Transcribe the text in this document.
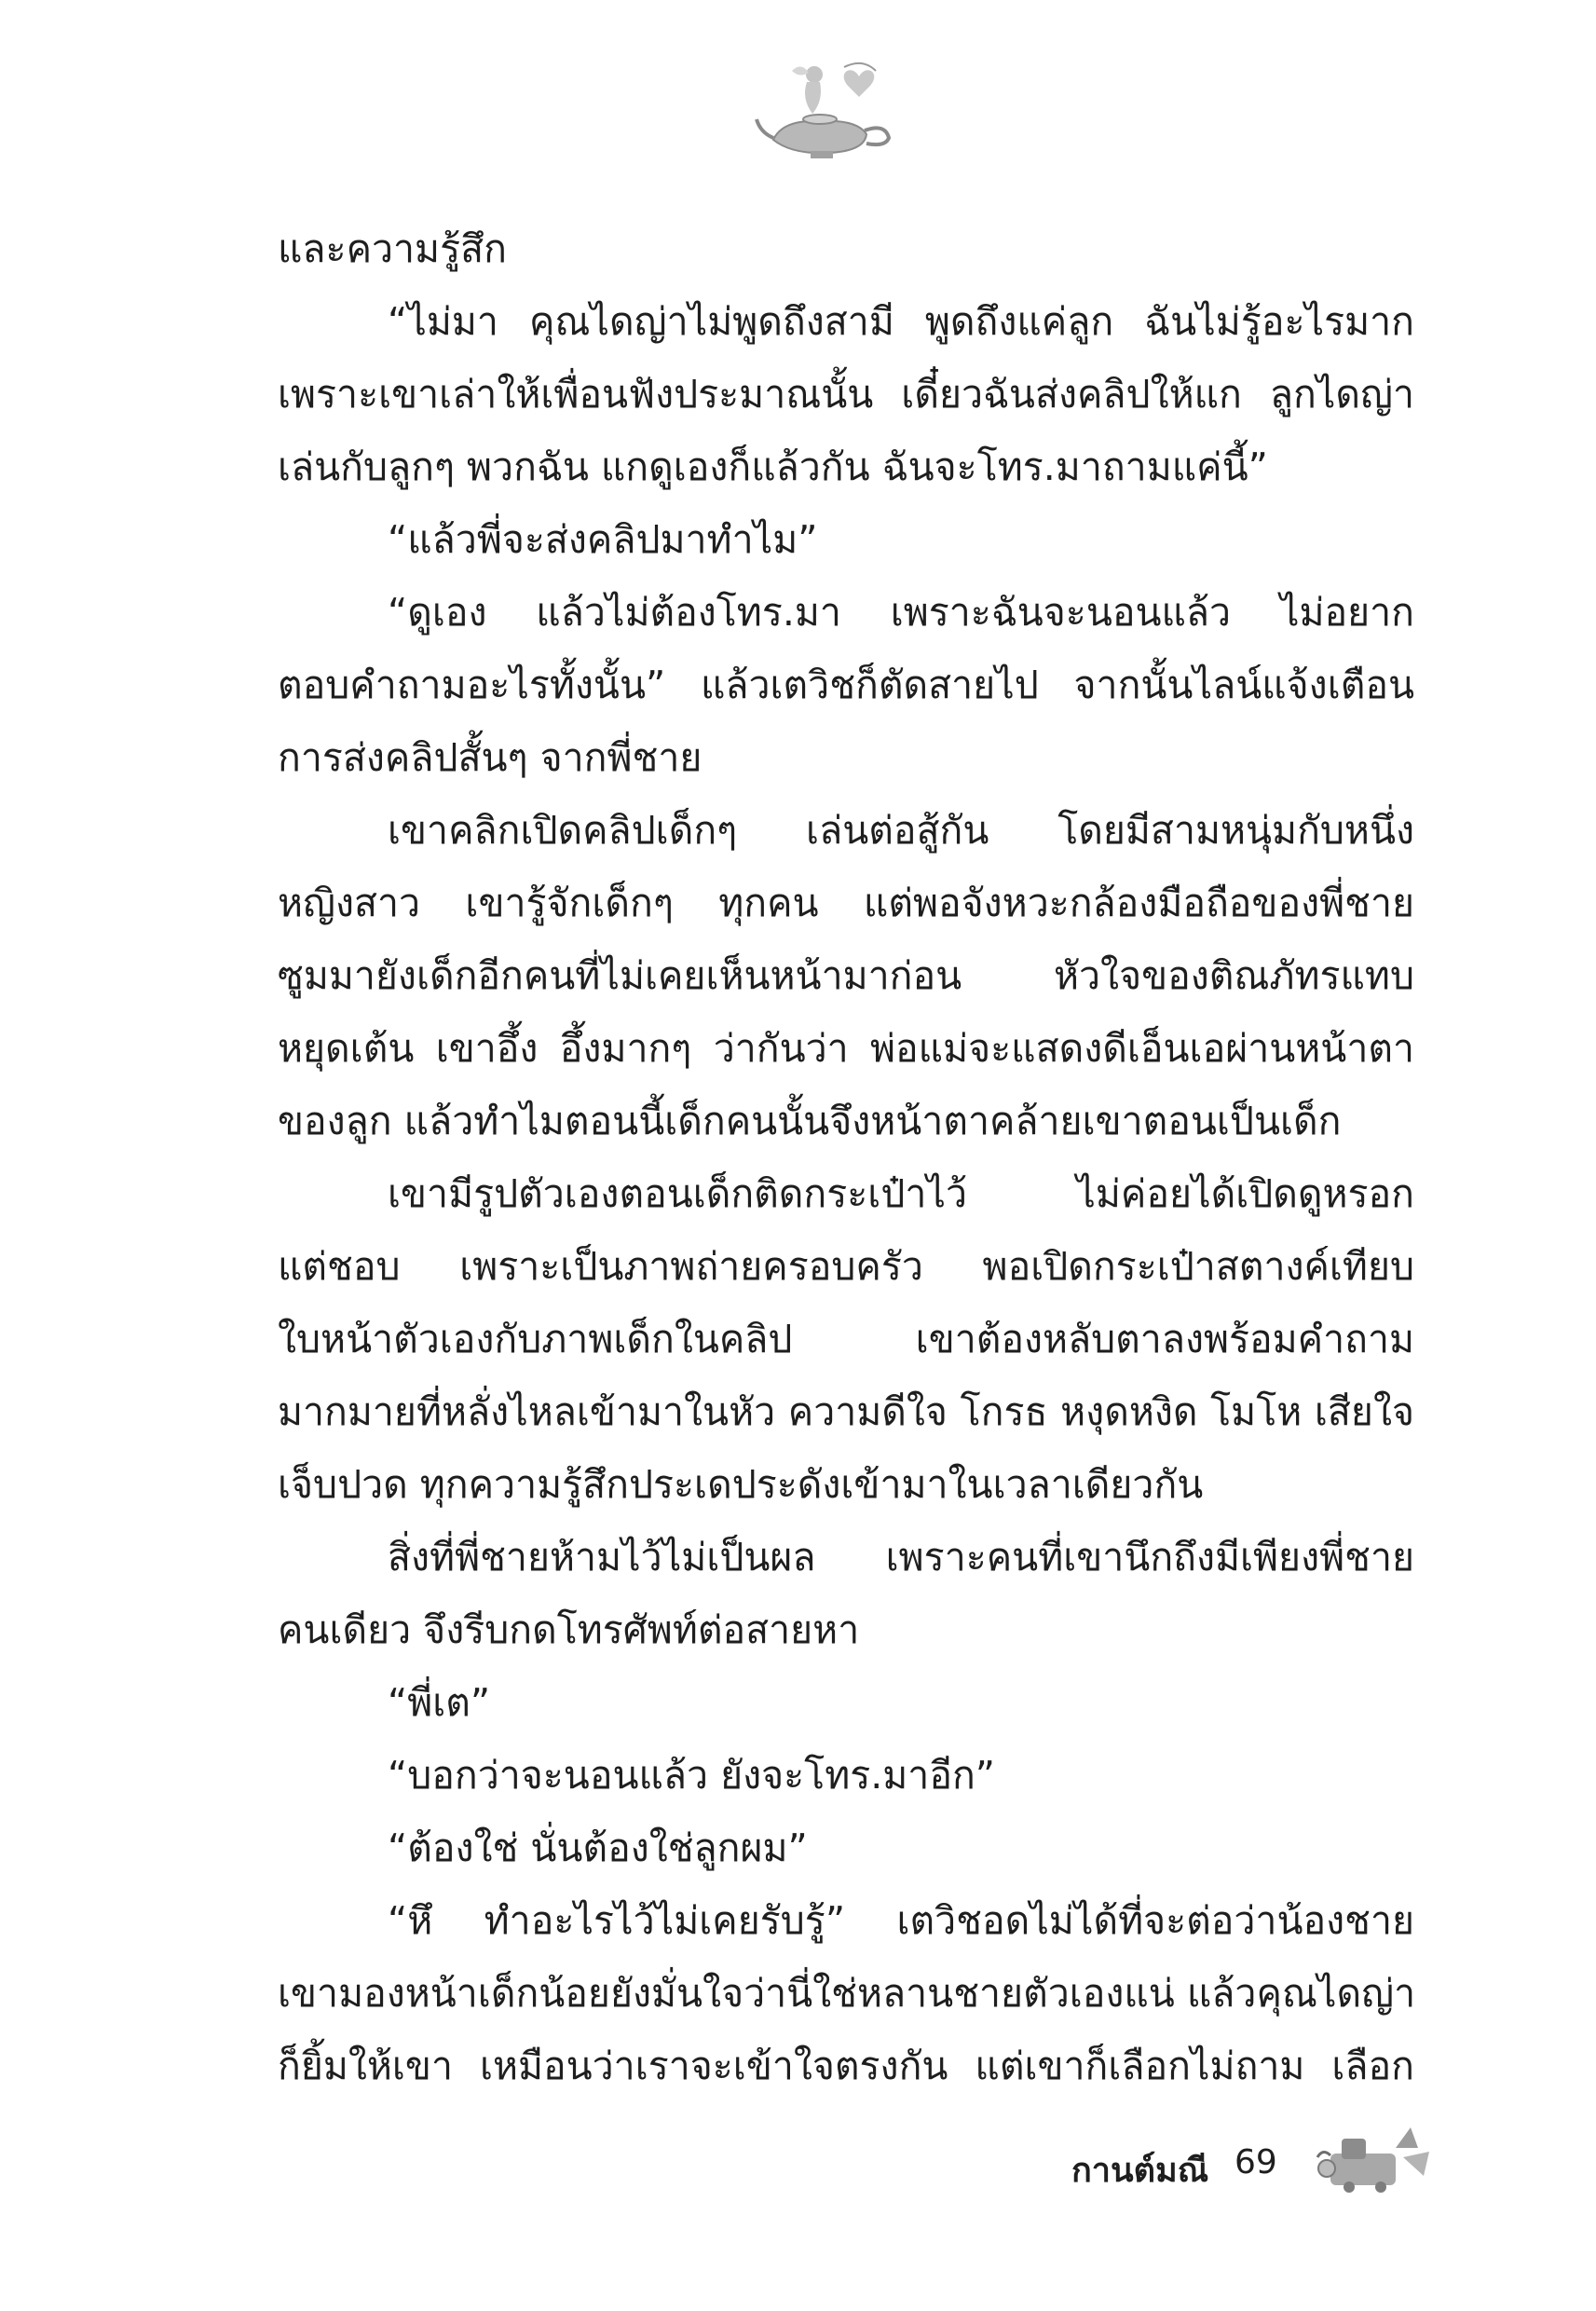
และความรู้สึก
“ไม่มา คุณไดญ่าไม่พูดถึงสามี พูดถึงแค่ลูก ฉันไม่รู้อะไรมาก
เพราะเขาเล่าให้เพื่อนฟังประมาณนั้น เดี๋ยวฉันส่งคลิปให้แก ลูกไดญ่า
เล่นกับลูกๆ พวกฉัน แกดูเองก็แล้วกัน ฉันจะโทร.มาถามแค่นี้”
“แล้วพี่จะส่งคลิปมาทำไม”
“ดูเอง แล้วไม่ต้องโทร.มา เพราะฉันจะนอนแล้ว ไม่อยาก
ตอบคำถามอะไรทั้งนั้น” แล้วเตวิชก็ตัดสายไป จากนั้นไลน์แจ้งเตือน
การส่งคลิปสั้นๆ จากพี่ชาย
เขาคลิกเปิดคลิปเด็กๆ เล่นต่อสู้กัน โดยมีสามหนุ่มกับหนึ่ง
หญิงสาว เขารู้จักเด็กๆ ทุกคน แต่พอจังหวะกล้องมือถือของพี่ชาย
ซูมมายังเด็กอีกคนที่ไม่เคยเห็นหน้ามาก่อน หัวใจของติณภัทรแทบ
หยุดเต้น เขาอึ้ง อึ้งมากๆ ว่ากันว่า พ่อแม่จะแสดงดีเอ็นเอผ่านหน้าตา
ของลูก แล้วทำไมตอนนี้เด็กคนนั้นจึงหน้าตาคล้ายเขาตอนเป็นเด็ก
เขามีรูปตัวเองตอนเด็กติดกระเป๋าไว้ ไม่ค่อยได้เปิดดูหรอก
แต่ชอบ เพราะเป็นภาพถ่ายครอบครัว พอเปิดกระเป๋าสตางค์เทียบ
ใบหน้าตัวเองกับภาพเด็กในคลิป เขาต้องหลับตาลงพร้อมคำถาม
มากมายที่หลั่งไหลเข้ามาในหัว ความดีใจ โกรธ หงุดหงิด โมโห เสียใจ
เจ็บปวด ทุกความรู้สึกประเดประดังเข้ามาในเวลาเดียวกัน
สิ่งที่พี่ชายห้ามไว้ไม่เป็นผล เพราะคนที่เขานึกถึงมีเพียงพี่ชาย
คนเดียว จึงรีบกดโทรศัพท์ต่อสายหา
“พี่เต”
“บอกว่าจะนอนแล้ว ยังจะโทร.มาอีก”
“ต้องใช่ นั่นต้องใช่ลูกผม”
“หึ ทำอะไรไว้ไม่เคยรับรู้” เตวิชอดไม่ได้ที่จะต่อว่าน้องชาย
เขามองหน้าเด็กน้อยยังมั่นใจว่านี่ใช่หลานชายตัวเองแน่ แล้วคุณไดญ่า
ก็ยิ้มให้เขา เหมือนว่าเราจะเข้าใจตรงกัน แต่เขาก็เลือกไม่ถาม เลือก
กานต์มณี 69
